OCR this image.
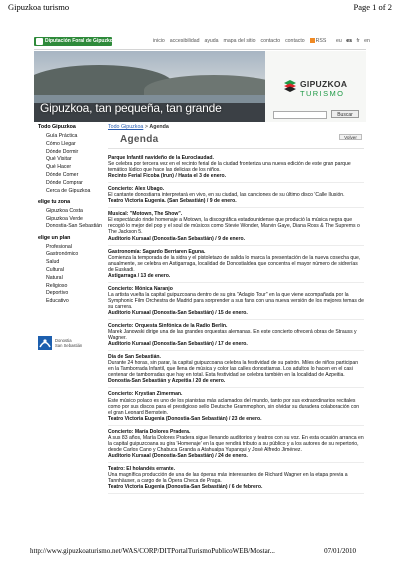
Gipuzkoa turismo	Page 1 of 2
Diputación Foral de Gipuzkoa	inicio accesibilidad ayuda mapa del sitio contacto contacto RSS	eu es fr en
Gipuzkoa, tan pequeña, tan grande
GIPUZKOA
TURISMO
Buscar
Todo Gipuzkoa
Guía Práctica
Cómo Llegar
Dónde Dormir
Qué Visitar
Qué Hacer
Dónde Comer
Dónde Comprar
Cerca de Gipuzkoa
elige tu zona
Gipuzkoa Costa
Gipuzkoa Verde
Donostia-San Sebastián
elige un plan
Profesional
Gastronómico
Salud
Cultural
Natural
Religioso
Deportivo
Educativo
Donostia
San Sebastián
Todo Gipuzkoa > Agenda
Agenda	Volver
Parque Infantil navideño de la Euroclaudad.
Se celebra por tercera vez en el recinto ferial de la ciudad fronteriza una nueva edición de este gran parque temático lúdico que hace las delicias de los niños.
Recinto Ferial Ficoba (Irun) / Hasta el 3 de enero.
Concierto: Alex Ubago.
El cantante donostiarra interpretará en vivo, en su ciudad, las canciones de su último disco 'Calle Ilusión.
Teatro Victoria Eugenia. (San Sebastián) / 9 de enero.
Musical: "Motown, The Show".
El espectáculo rinde homenaje a Motown, la discográfica estadounidense que produció la música negra que recogió lo mejor del pop y el soul de músicos como Stevie Wonder, Marvin Gaye, Diana Ross & The Suprems o The Jackson 5.
Auditorio Kursaal (Donostia-San Sebastián) / 9 de enero.
Gastronomía: Sagardo Berriaren Eguna.
Comienza la temporada de la sidra y el pistoletazo de salida lo marca la presentación de la nueva cosecha que, anualmente, se celebra en Astigarraga, localidad de Donostialdea que concentra el mayor número de sidrerías de Euskadi.
Astigarraga / 13 de enero.
Concierto: Mónica Naranjo
La artista vuelta la capital guipuzcoana dentro de su gira "Adagio Tour" en la que viene acompañada por la Symphonic Film Orchestra de Madrid para sorprender a sus fans con una nueva versión de los mejores temas de su carrera.
Auditorio Kursaal (Donostia-San Sebastián) / 15 de enero.
Concierto: Orquesta Sinfónica de la Radio Berlín.
Marek Janowski dirige una de las grandes orquestas alemanas. En este concierto ofrecerá obras de Strauss y Wagner.
Auditorio Kursaal (Donostia-San Sebastián) / 17 de enero.
Día de San Sebastián.
Durante 24 horas, sin parar, la capital guipuzcoana celebra la festividad de su patrón. Miles de niños participan en la Tamborrada Infantil, que llena de música y color las calles donostiarras. Los adultos lo hacen en el casi centenar de tamborradas que hay en total. Esta festividad se celebra también en la localidad de Azpeitia.
Donostia-San Sebastián y Azpeitia / 20 de enero.
Concierto: Krystian Zimerman.
Este músico polaco es uno de los pianistas más aclamados del mundo, tanto por sus extraordinarios recitales como por sus discos para el prestigioso sello Deutsche Grammophon, sin olvidar su duradera colaboración con el gran Leonard Bernstein.
Teatro Victoria Eugenia (Donostia-San Sebastián) / 23 de enero.
Concierto: María Dolores Pradera.
A sus 83 años, María Dolores Pradera sigue llenando auditorios y teatros con su voz. En esta ocasión arranca en la capital guipuzcoana su gira 'Homenaje' en la que rendirá tributo a su público y a los autores de su repertorio, desde Carlos Cano y Chabuca Granda a Atahualpa Yupanqui y José Alfredo Jiménez.
Auditorio Kursaal (Donostia-San Sebastián) / 24 de enero.
Teatro: El holandés errante.
Una magnífica producción de una de las óperas más interesantes de Richard Wagner en la etapa previa a Tannhäuser, a cargo de la Ópera Checa de Praga.
Teatro Victoria Eugenia (Donostia-San Sebastián) / 6 de febrero.
http://www.gipuzkoaturismo.net/WAS/CORP/DITPortalTurismoPublicoWEB/Mostar...	07/01/2010
